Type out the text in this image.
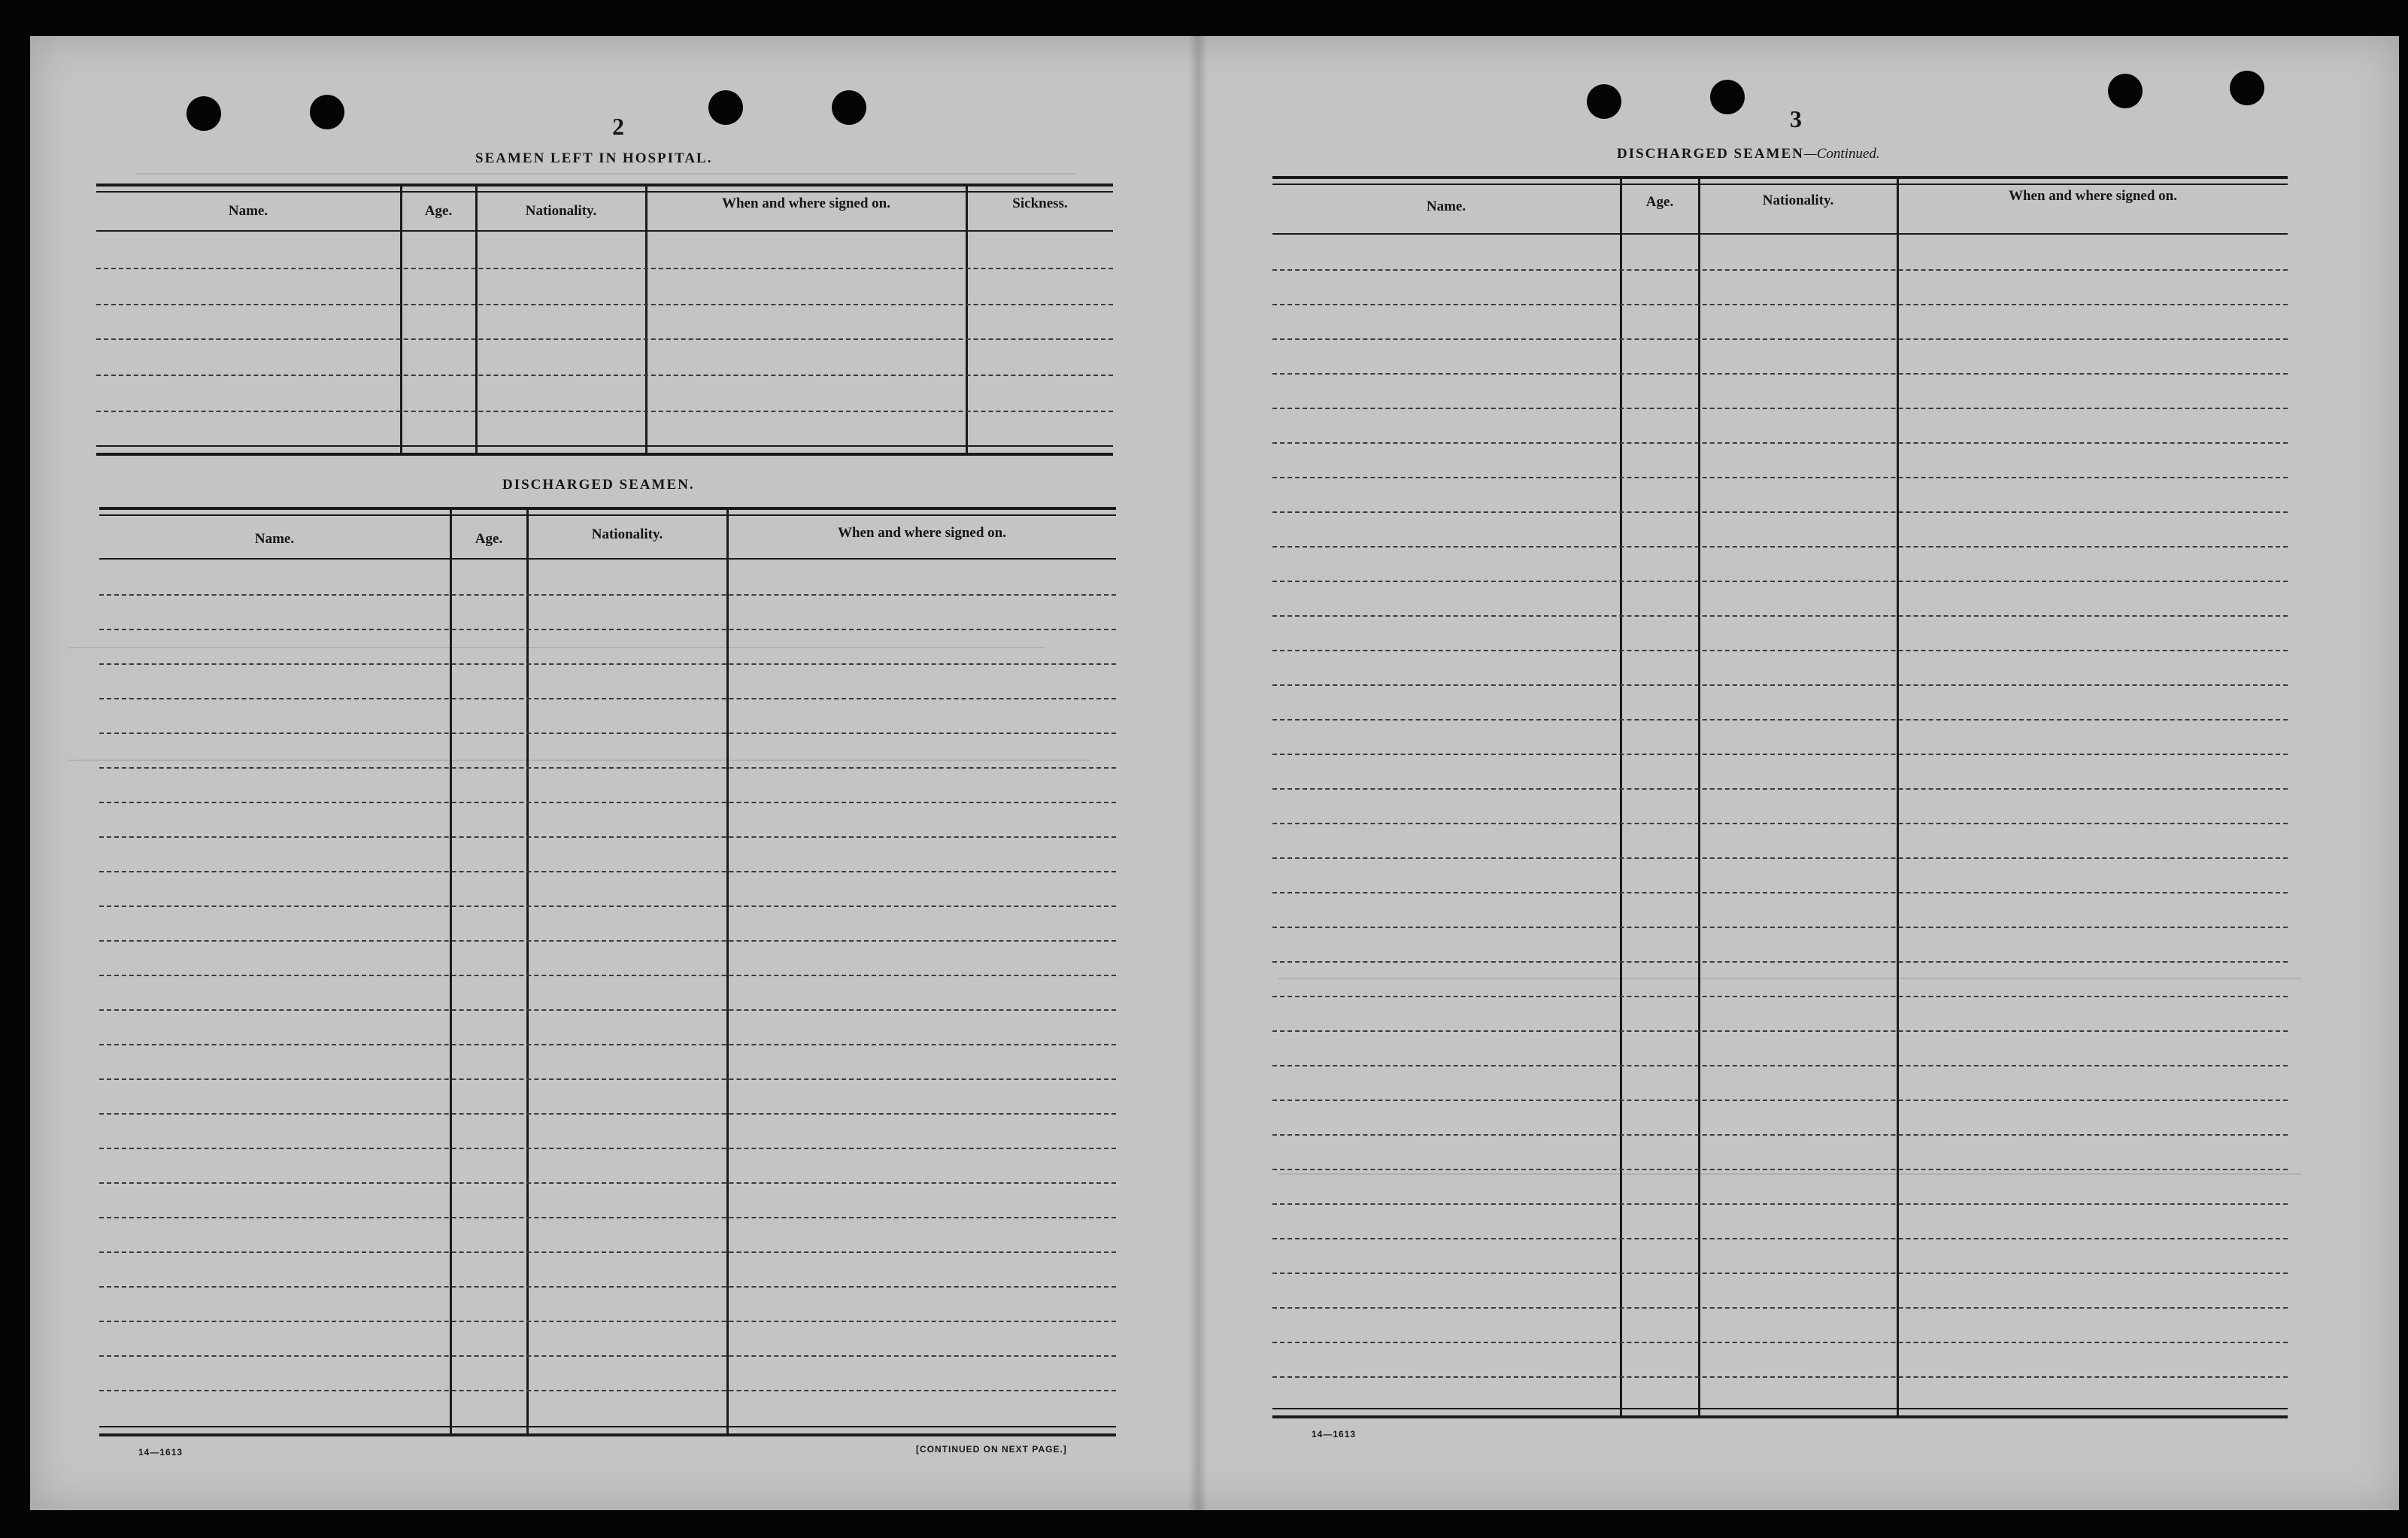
2
SEAMEN LEFT IN HOSPITAL.
Name.	Age.	Nationality.	When and where signed on.	Sickness.
DISCHARGED SEAMEN.
Name.	Age.	Nationality.	When and where signed on.
14—1613	[CONTINUED ON NEXT PAGE.]
3
DISCHARGED SEAMEN—Continued.
Name.	Age.	Nationality.	When and where signed on.
14—1613
